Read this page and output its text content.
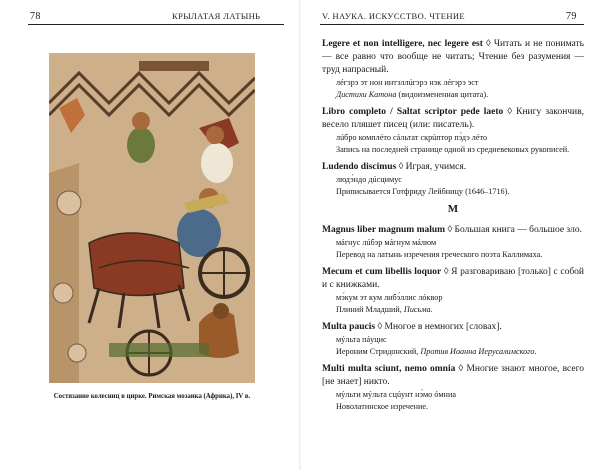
78	КРЫЛАТАЯ ЛАТЫНЬ
Состязание колесниц в цирке. Римская мозаика (Африка), IV в.
V. НАУКА. ИСКУССТВО. ЧТЕНИЕ	79
Legere et non intelligere, nec legere est ◊ Читать и не понимать — все равно что вообще не читать; Чтение без разумения — труд напрасный.
лéгэрэ эт нон интэллúгэрэ нэк лéгэрэ эст
Дистихи Катона (видоизмененная цитата).
Libro completo / Saltat scriptor pede laeto ◊ Книгу закончив, весело пляшет писец (или: писатель).
лúбро комплéто сáльтат скрúптор пэ́дэ лéто
Запись на последней странице одной из средневековых рукописей.
Ludendo discimus ◊ Играя, учимся.
людэ́ндо дúсцимус
Приписывается Готфриду Лейбницу (1646–1716).
M
Magnus liber magnum malum ◊ Большая книга — большое зло.
мáгнус лúбэр мáгнум мáлюм
Перевод на латынь изречения греческого поэта Каллимаха.
Mecum et cum libellis loquor ◊ Я разговариваю [только] с собой и с книжками.
мэ́кум эт кум либэ́ллис лóквор
Плиний Младший, Письма.
Multa paucis ◊ Многое в немногих [словах].
мýльта пáуцис
Иероним Стридонский, Против Иоанна Иерусалимского.
Multi multa sciunt, nemo omnia ◊ Многие знают многое, всего [не знает] никто.
мýльти мýльта сцúунт нэ́мо óмниа
Новолатинское изречение.
